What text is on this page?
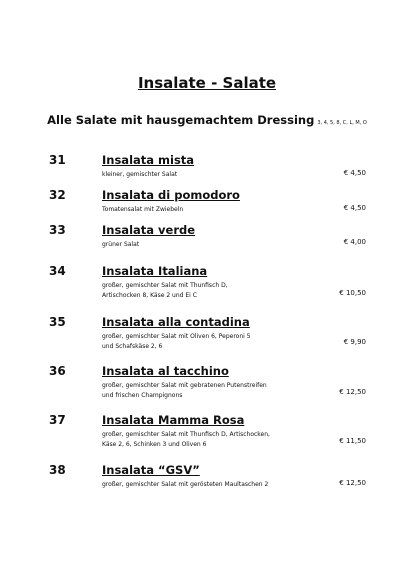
Insalate - Salate
Alle Salate mit hausgemachtem Dressing 3, 4, 5, 8, C, L, M, O
31	Insalata mista
kleiner, gemischter Salat	€ 4,50
32	Insalata di pomodoro
Tomatensalat mit Zwiebeln	€ 4,50
33	Insalata verde
grüner Salat	€ 4,00
34	Insalata Italiana
großer, gemischter Salat mit Thunfisch D,
Artischocken 8, Käse 2 und Ei C	€ 10,50
35	Insalata alla contadina
großer, gemischter Salat mit Oliven 6, Peperoni 5
und Schafskäse 2, 6
€ 9,90
36	Insalata al tacchino
großer, gemischter Salat mit gebratenen Putenstreifen
und frischen Champignons	€ 12,50
37	Insalata Mamma Rosa
großer, gemischter Salat mit Thunfisch D, Artischocken,
Käse 2, 6, Schinken 3 und Oliven 6	€ 11,50
38	Insalata “GSV”
großer, gemischter Salat mit gerösteten Maultaschen 2	€ 12,50
